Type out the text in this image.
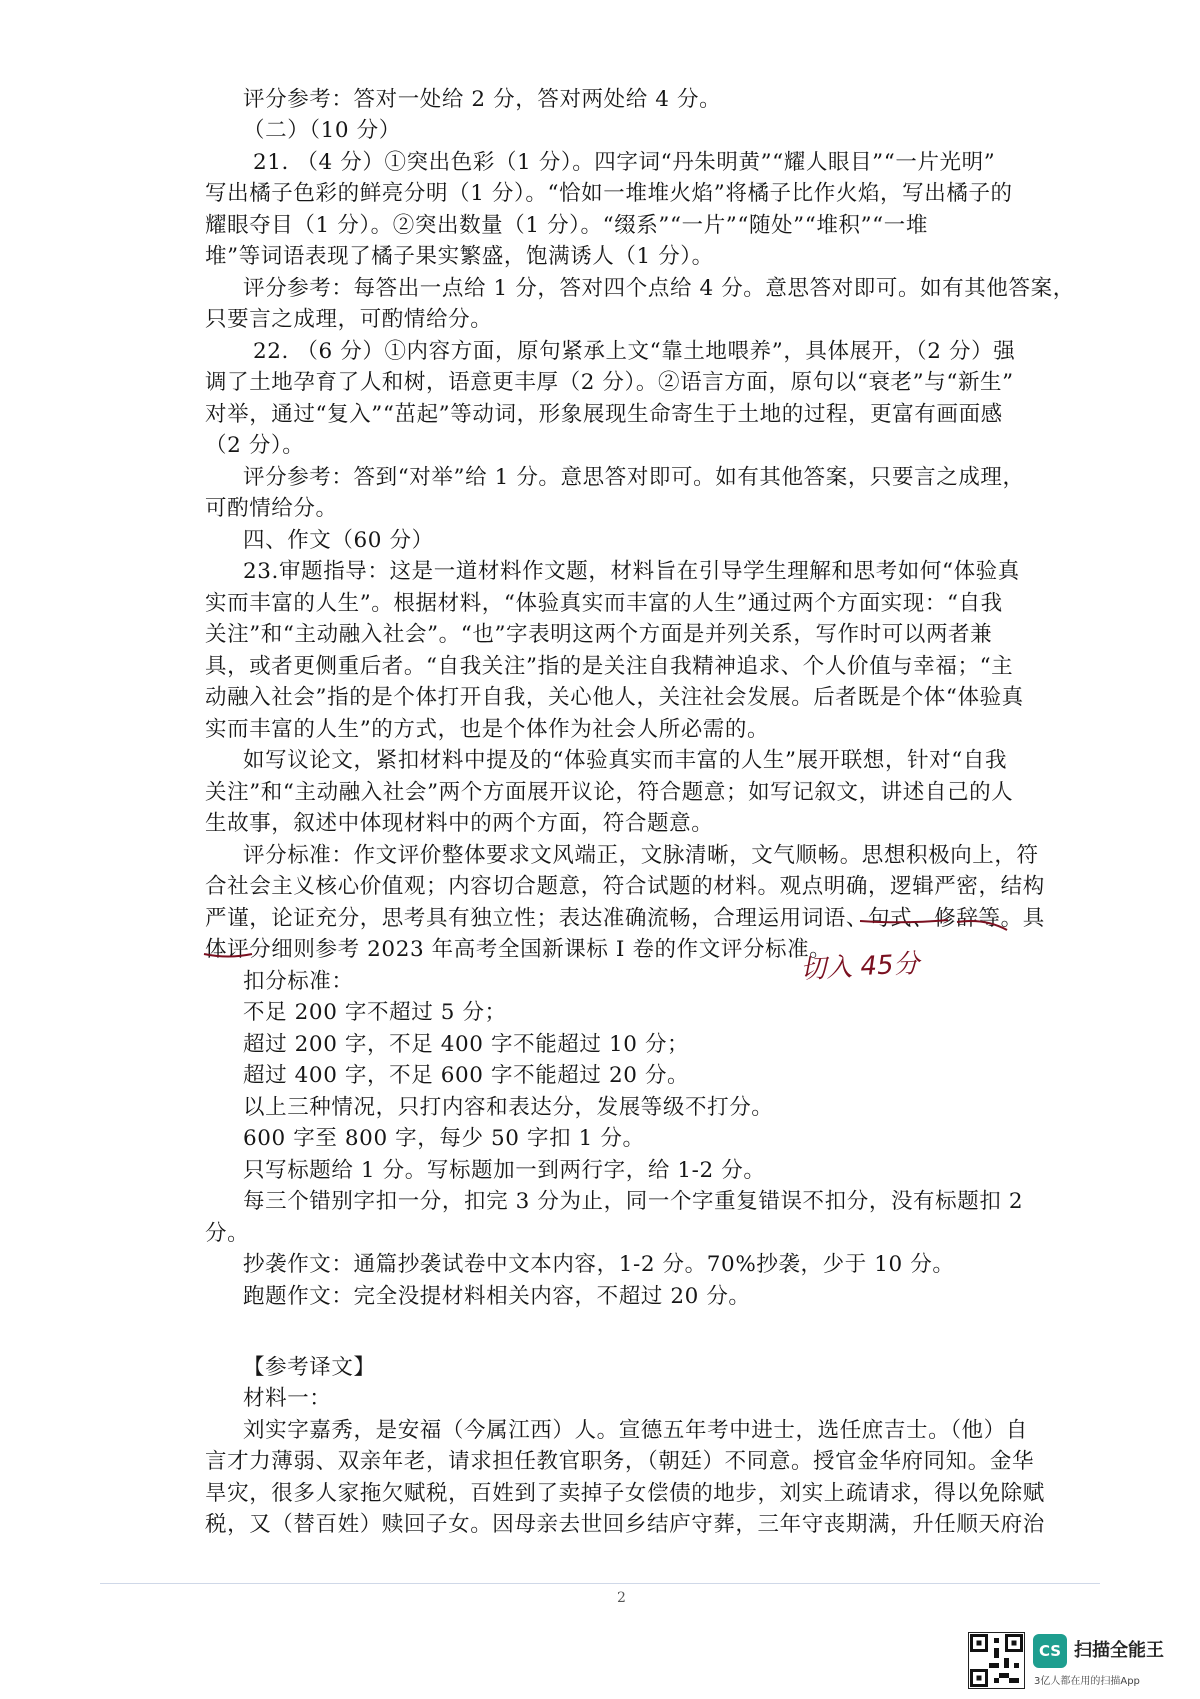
评分参考：答对一处给 2 分，答对两处给 4 分。
（二）（10 分）
21. （4 分）①突出色彩（1 分）。四字词“丹朱明黄”“耀人眼目”“一片光明”
写出橘子色彩的鲜亮分明（1 分）。“恰如一堆堆火焰”将橘子比作火焰，写出橘子的
耀眼夺目（1 分）。②突出数量（1 分）。“缀系”“一片”“随处”“堆积”“一堆
堆”等词语表现了橘子果实繁盛，饱满诱人（1 分）。
评分参考：每答出一点给 1 分，答对四个点给 4 分。意思答对即可。如有其他答案，
只要言之成理，可酌情给分。
22. （6 分）①内容方面，原句紧承上文“靠土地喂养”，具体展开，（2 分）强
调了土地孕育了人和树，语意更丰厚（2 分）。②语言方面，原句以“衰老”与“新生”
对举，通过“复入”“茁起”等动词，形象展现生命寄生于土地的过程，更富有画面感
（2 分）。
评分参考：答到“对举”给 1 分。意思答对即可。如有其他答案，只要言之成理，
可酌情给分。
四、作文（60 分）
23.审题指导：这是一道材料作文题，材料旨在引导学生理解和思考如何“体验真
实而丰富的人生”。根据材料，“体验真实而丰富的人生”通过两个方面实现：“自我
关注”和“主动融入社会”。“也”字表明这两个方面是并列关系，写作时可以两者兼
具，或者更侧重后者。“自我关注”指的是关注自我精神追求、个人价值与幸福；“主
动融入社会”指的是个体打开自我，关心他人，关注社会发展。后者既是个体“体验真
实而丰富的人生”的方式，也是个体作为社会人所必需的。
如写议论文，紧扣材料中提及的“体验真实而丰富的人生”展开联想，针对“自我
关注”和“主动融入社会”两个方面展开议论，符合题意；如写记叙文，讲述自己的人
生故事，叙述中体现材料中的两个方面，符合题意。
评分标准：作文评价整体要求文风端正，文脉清晰，文气顺畅。思想积极向上，符
合社会主义核心价值观；内容切合题意，符合试题的材料。观点明确，逻辑严密，结构
严谨，论证充分，思考具有独立性；表达准确流畅，合理运用词语、句式、修辞等。具
体评分细则参考 2023 年高考全国新课标 I 卷的作文评分标准。
扣分标准：
不足 200 字不超过 5 分；
超过 200 字，不足 400 字不能超过 10 分；
超过 400 字，不足 600 字不能超过 20 分。
以上三种情况，只打内容和表达分，发展等级不打分。
600 字至 800 字，每少 50 字扣 1 分。
只写标题给 1 分。写标题加一到两行字，给 1-2 分。
每三个错别字扣一分，扣完 3 分为止，同一个字重复错误不扣分，没有标题扣 2
分。
抄袭作文：通篇抄袭试卷中文本内容，1-2 分。70%抄袭，少于 10 分。
跑题作文：完全没提材料相关内容，不超过 20 分。
【参考译文】
材料一：
刘实字嘉秀，是安福（今属江西）人。宣德五年考中进士，选任庶吉士。（他）自
言才力薄弱、双亲年老，请求担任教官职务，（朝廷）不同意。授官金华府同知。金华
旱灾，很多人家拖欠赋税，百姓到了卖掉子女偿债的地步，刘实上疏请求，得以免除赋
税，又（替百姓）赎回子女。因母亲去世回乡结庐守葬，三年守丧期满，升任顺天府治
切入 45分
2
CS 扫描全能王
3亿人都在用的扫描App
